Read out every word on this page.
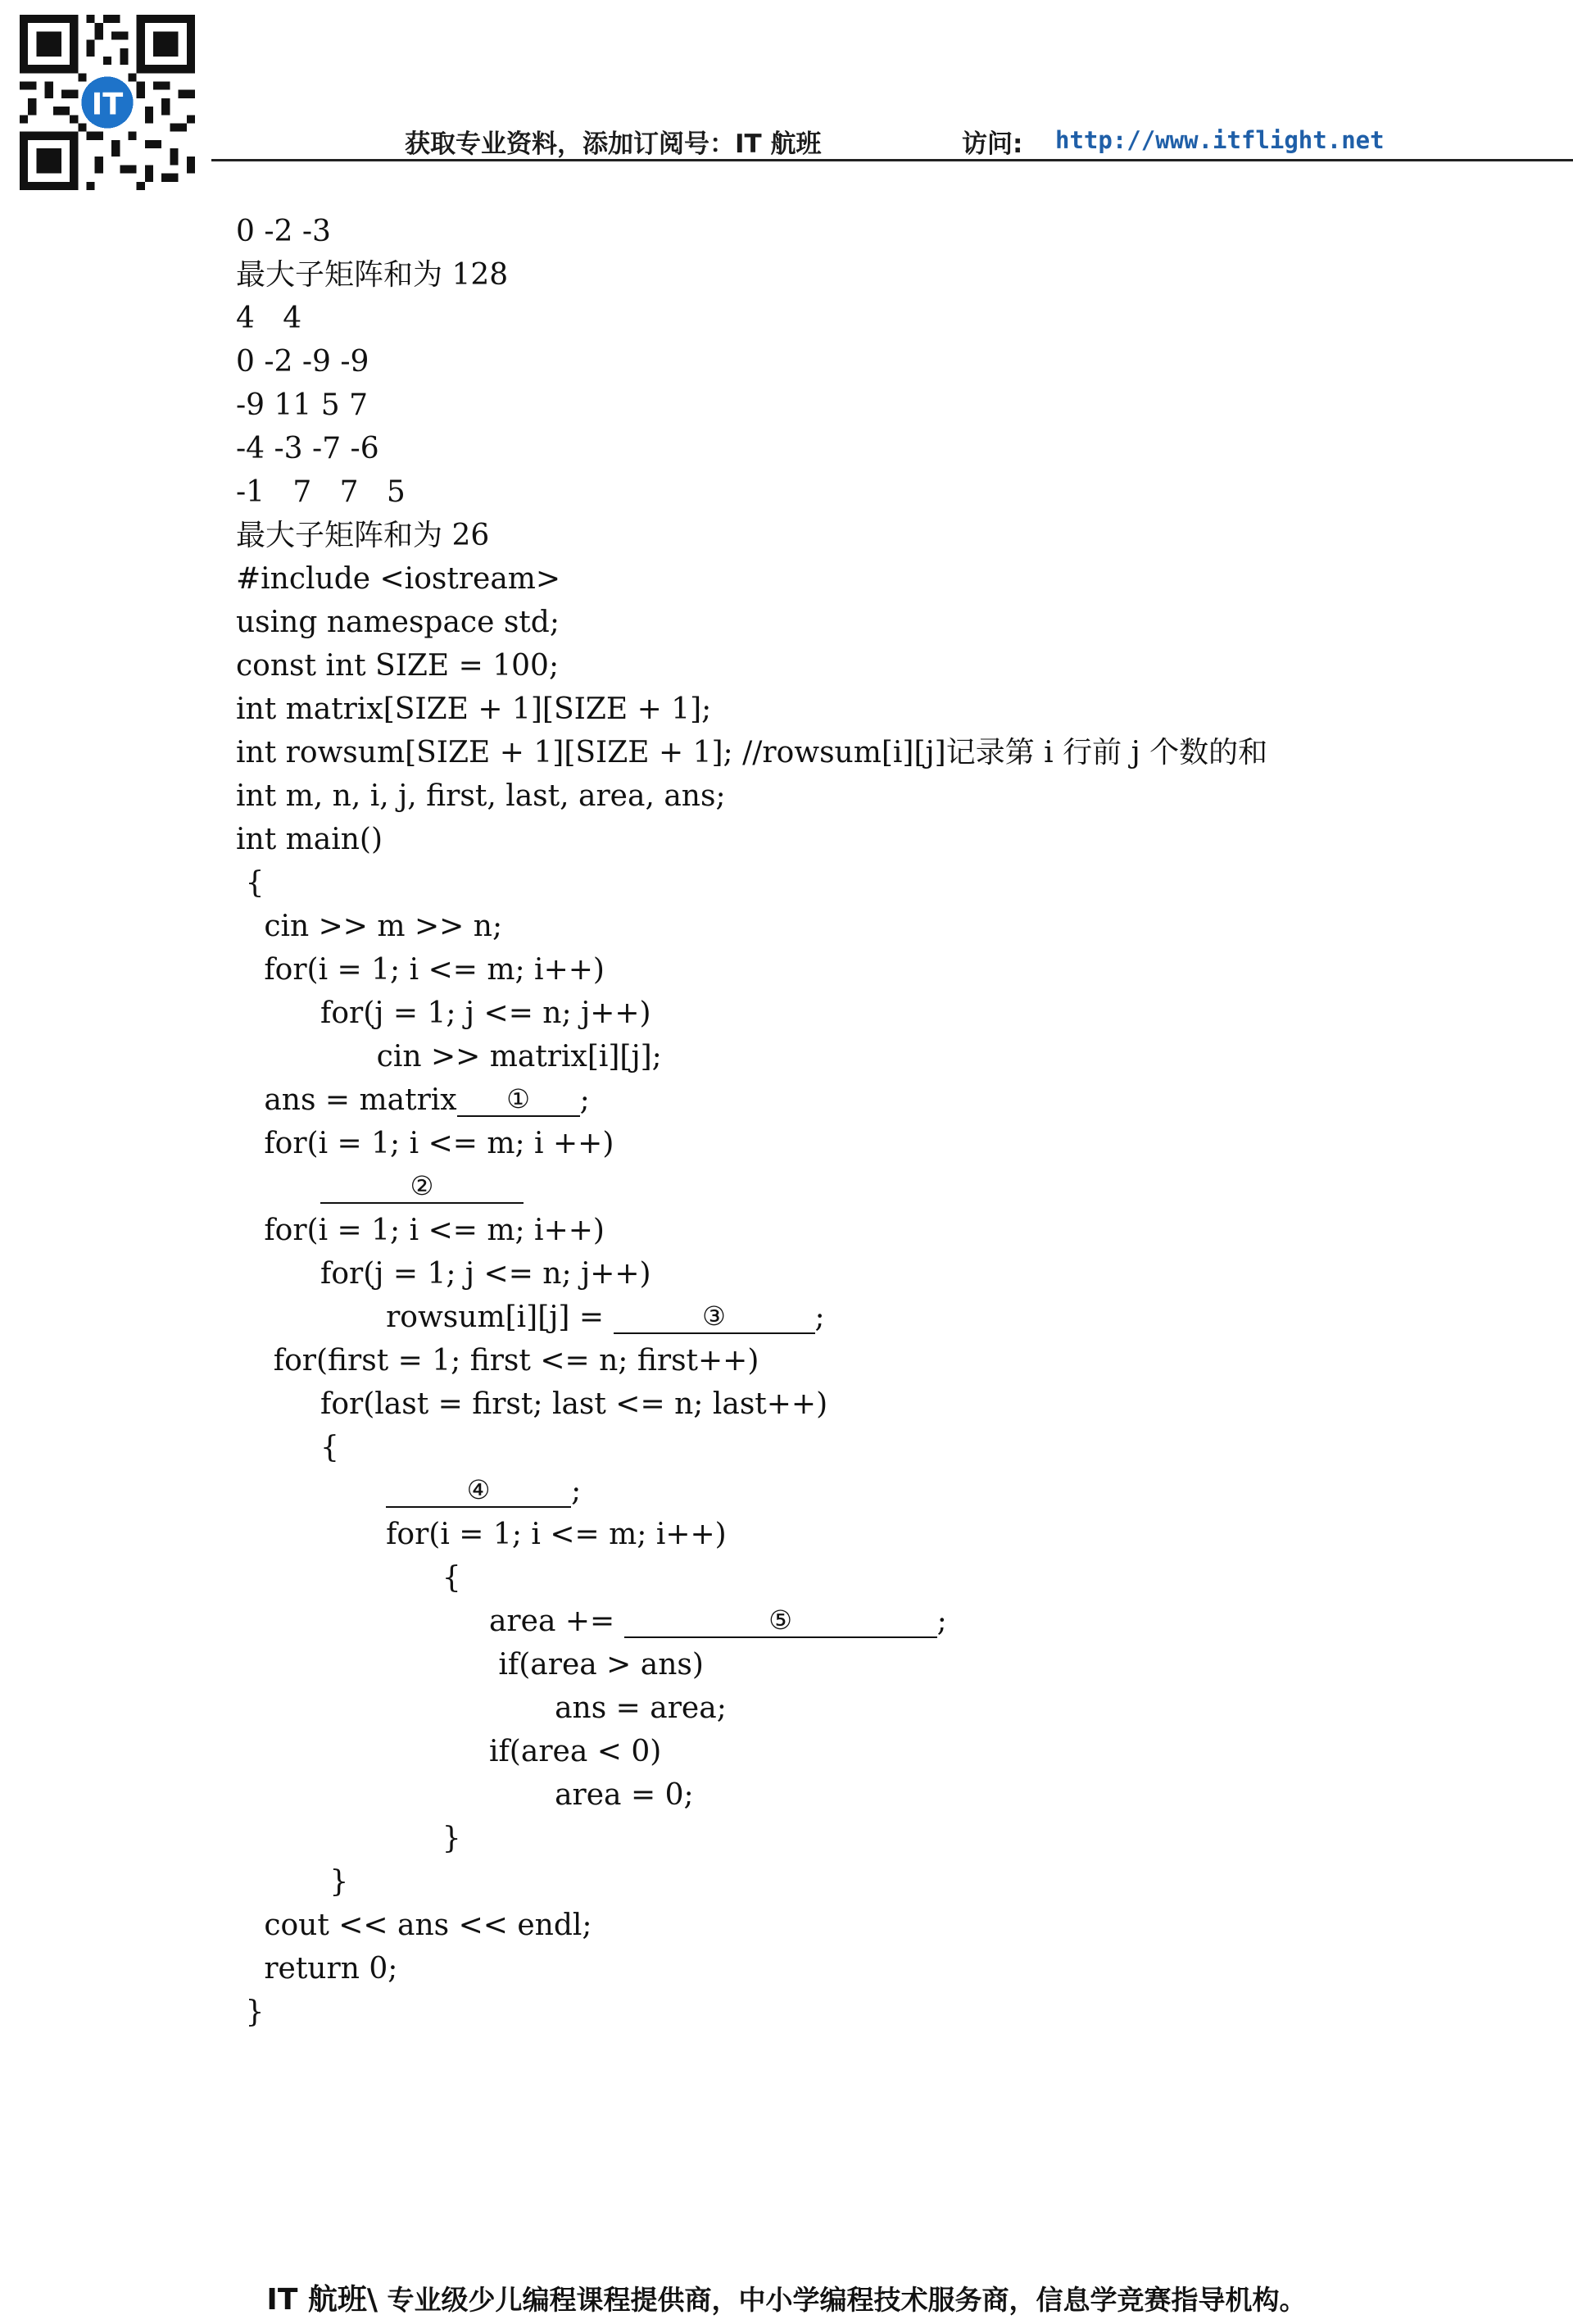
IT
获取专业资料，添加订阅号：IT 航班	访问: http://www.itflight.net
0 -2 -3
最大子矩阵和为 128
4   4
0 -2 -9 -9
-9 11 5 7
-4 -3 -7 -6
-1   7   7   5
最大子矩阵和为 26
#include <iostream>
using namespace std;
const int SIZE = 100;
int matrix[SIZE + 1][SIZE + 1];
int rowsum[SIZE + 1][SIZE + 1]; //rowsum[i][j]记录第 i 行前 j 个数的和
int m, n, i, j, first, last, area, ans;
int main()
{
cin >> m >> n;
for(i = 1; i <= m; i++)
for(j = 1; j <= n; j++)
cin >> matrix[i][j];
ans = matrix ① ;
for(i = 1; i <= m; i ++)
②
for(i = 1; i <= m; i++)
for(j = 1; j <= n; j++)
rowsum[i][j] =	③	;
for(first = 1; first <= n; first++)
for(last = first; last <= n; last++)
{
④	;
for(i = 1; i <= m; i++)
{
area +=	⑤	;
if(area > ans)
ans = area;
if(area < 0)
area = 0;
}
}
cout << ans << endl;
return 0;
}
IT 航班\ 专业级少儿编程课程提供商，中小学编程技术服务商，信息学竞赛指导机构。
